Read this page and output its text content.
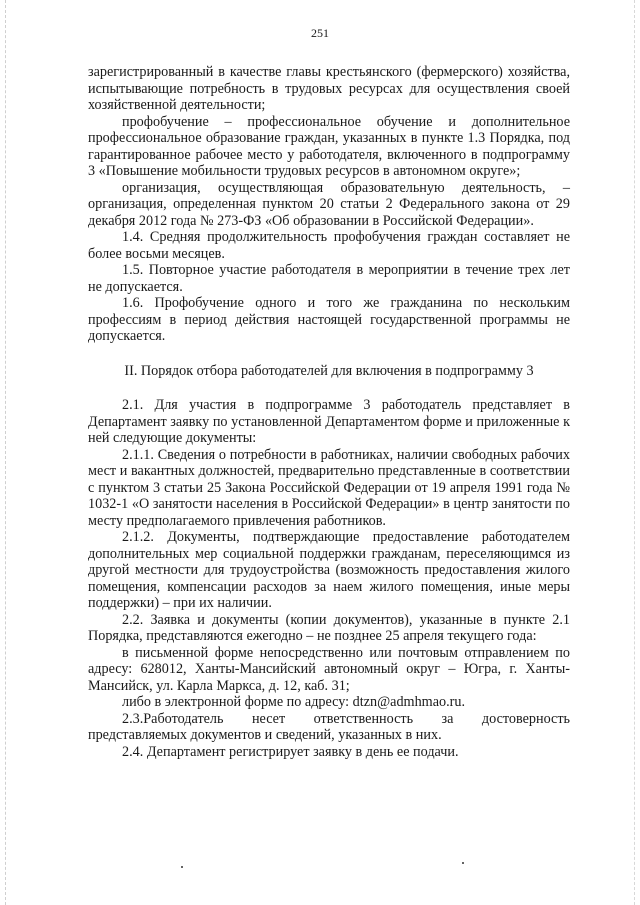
251

зарегистрированный в качестве главы крестьянского (фермерского) хозяйства, испытывающие потребность в трудовых ресурсах для осуществления своей хозяйственной деятельности;

профобучение – профессиональное обучение и дополнительное профессиональное образование граждан, указанных в пункте 1.3 Порядка, под гарантированное рабочее место у работодателя, включенного в подпрограмму 3 «Повышение мобильности трудовых ресурсов в автономном округе»;

организация, осуществляющая образовательную деятельность, – организация, определенная пунктом 20 статьи 2 Федерального закона от 29 декабря 2012 года № 273-ФЗ «Об образовании в Российской Федерации».

1.4. Средняя продолжительность профобучения граждан составляет не более восьми месяцев.

1.5. Повторное участие работодателя в мероприятии в течение трех лет не допускается.

1.6. Профобучение одного и того же гражданина по нескольким профессиям в период действия настоящей государственной программы не допускается.

II. Порядок отбора работодателей для включения в подпрограмму 3

2.1. Для участия в подпрограмме 3 работодатель представляет в Департамент заявку по установленной Департаментом форме и приложенные к ней следующие документы:

2.1.1. Сведения о потребности в работниках, наличии свободных рабочих мест и вакантных должностей, предварительно представленные в соответствии с пунктом 3 статьи 25 Закона Российской Федерации от 19 апреля 1991 года № 1032-1 «О занятости населения в Российской Федерации» в центр занятости по месту предполагаемого привлечения работников.

2.1.2. Документы, подтверждающие предоставление работодателем дополнительных мер социальной поддержки гражданам, переселяющимся из другой местности для трудоустройства (возможность предоставления жилого помещения, компенсации расходов за наем жилого помещения, иные меры поддержки) – при их наличии.

2.2. Заявка и документы (копии документов), указанные в пункте 2.1 Порядка, представляются ежегодно – не позднее 25 апреля текущего года:

в письменной форме непосредственно или почтовым отправлением по адресу: 628012, Ханты-Мансийский автономный округ – Югра, г. Ханты-Мансийск, ул. Карла Маркса, д. 12, каб. 31;

либо в электронной форме по адресу: dtzn@admhmao.ru.

2.3.Работодатель несет ответственность за достоверность представляемых документов и сведений, указанных в них.

2.4. Департамент регистрирует заявку в день ее подачи.
